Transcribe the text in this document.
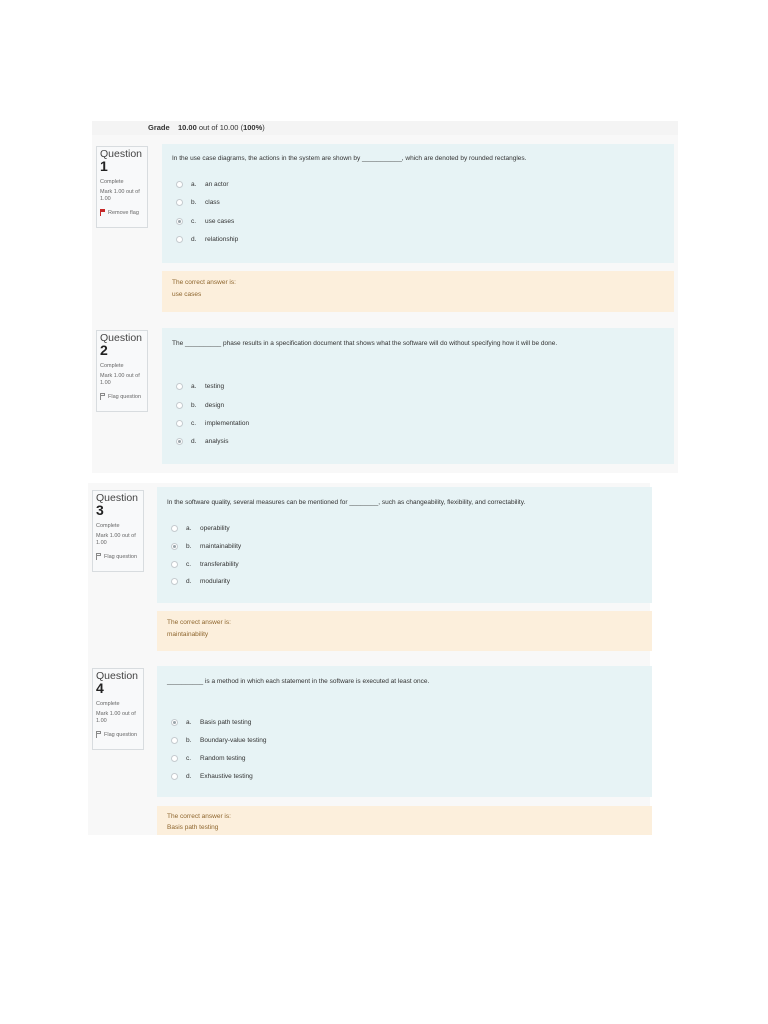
Grade 10.00 out of 10.00 (100%)
Question
1
Complete
Mark 1.00 out of 1.00
Remove flag
In the use case diagrams, the actions in the system are shown by ___________, which are denoted by rounded rectangles.
a.	an actor
b.	class
c.	use cases
d.	relationship
The correct answer is:
use cases
Question
2
Complete
Mark 1.00 out of 1.00
Flag question
The __________ phase results in a specification document that shows what the software will do without specifying how it will be done.
a.	testing
b.	design
c.	implementation
d.	analysis
Question
3
Complete
Mark 1.00 out of 1.00
Flag question
In the software quality, several measures can be mentioned for ________, such as changeability, flexibility, and correctability.
a.	operability
b.	maintainability
c.	transferability
d.	modularity
The correct answer is:
maintainability
Question
4
Complete
Mark 1.00 out of 1.00
Flag question
__________ is a method in which each statement in the software is executed at least once.
a.	Basis path testing
b.	Boundary-value testing
c.	Random testing
d.	Exhaustive testing
The correct answer is:
Basis path testing
